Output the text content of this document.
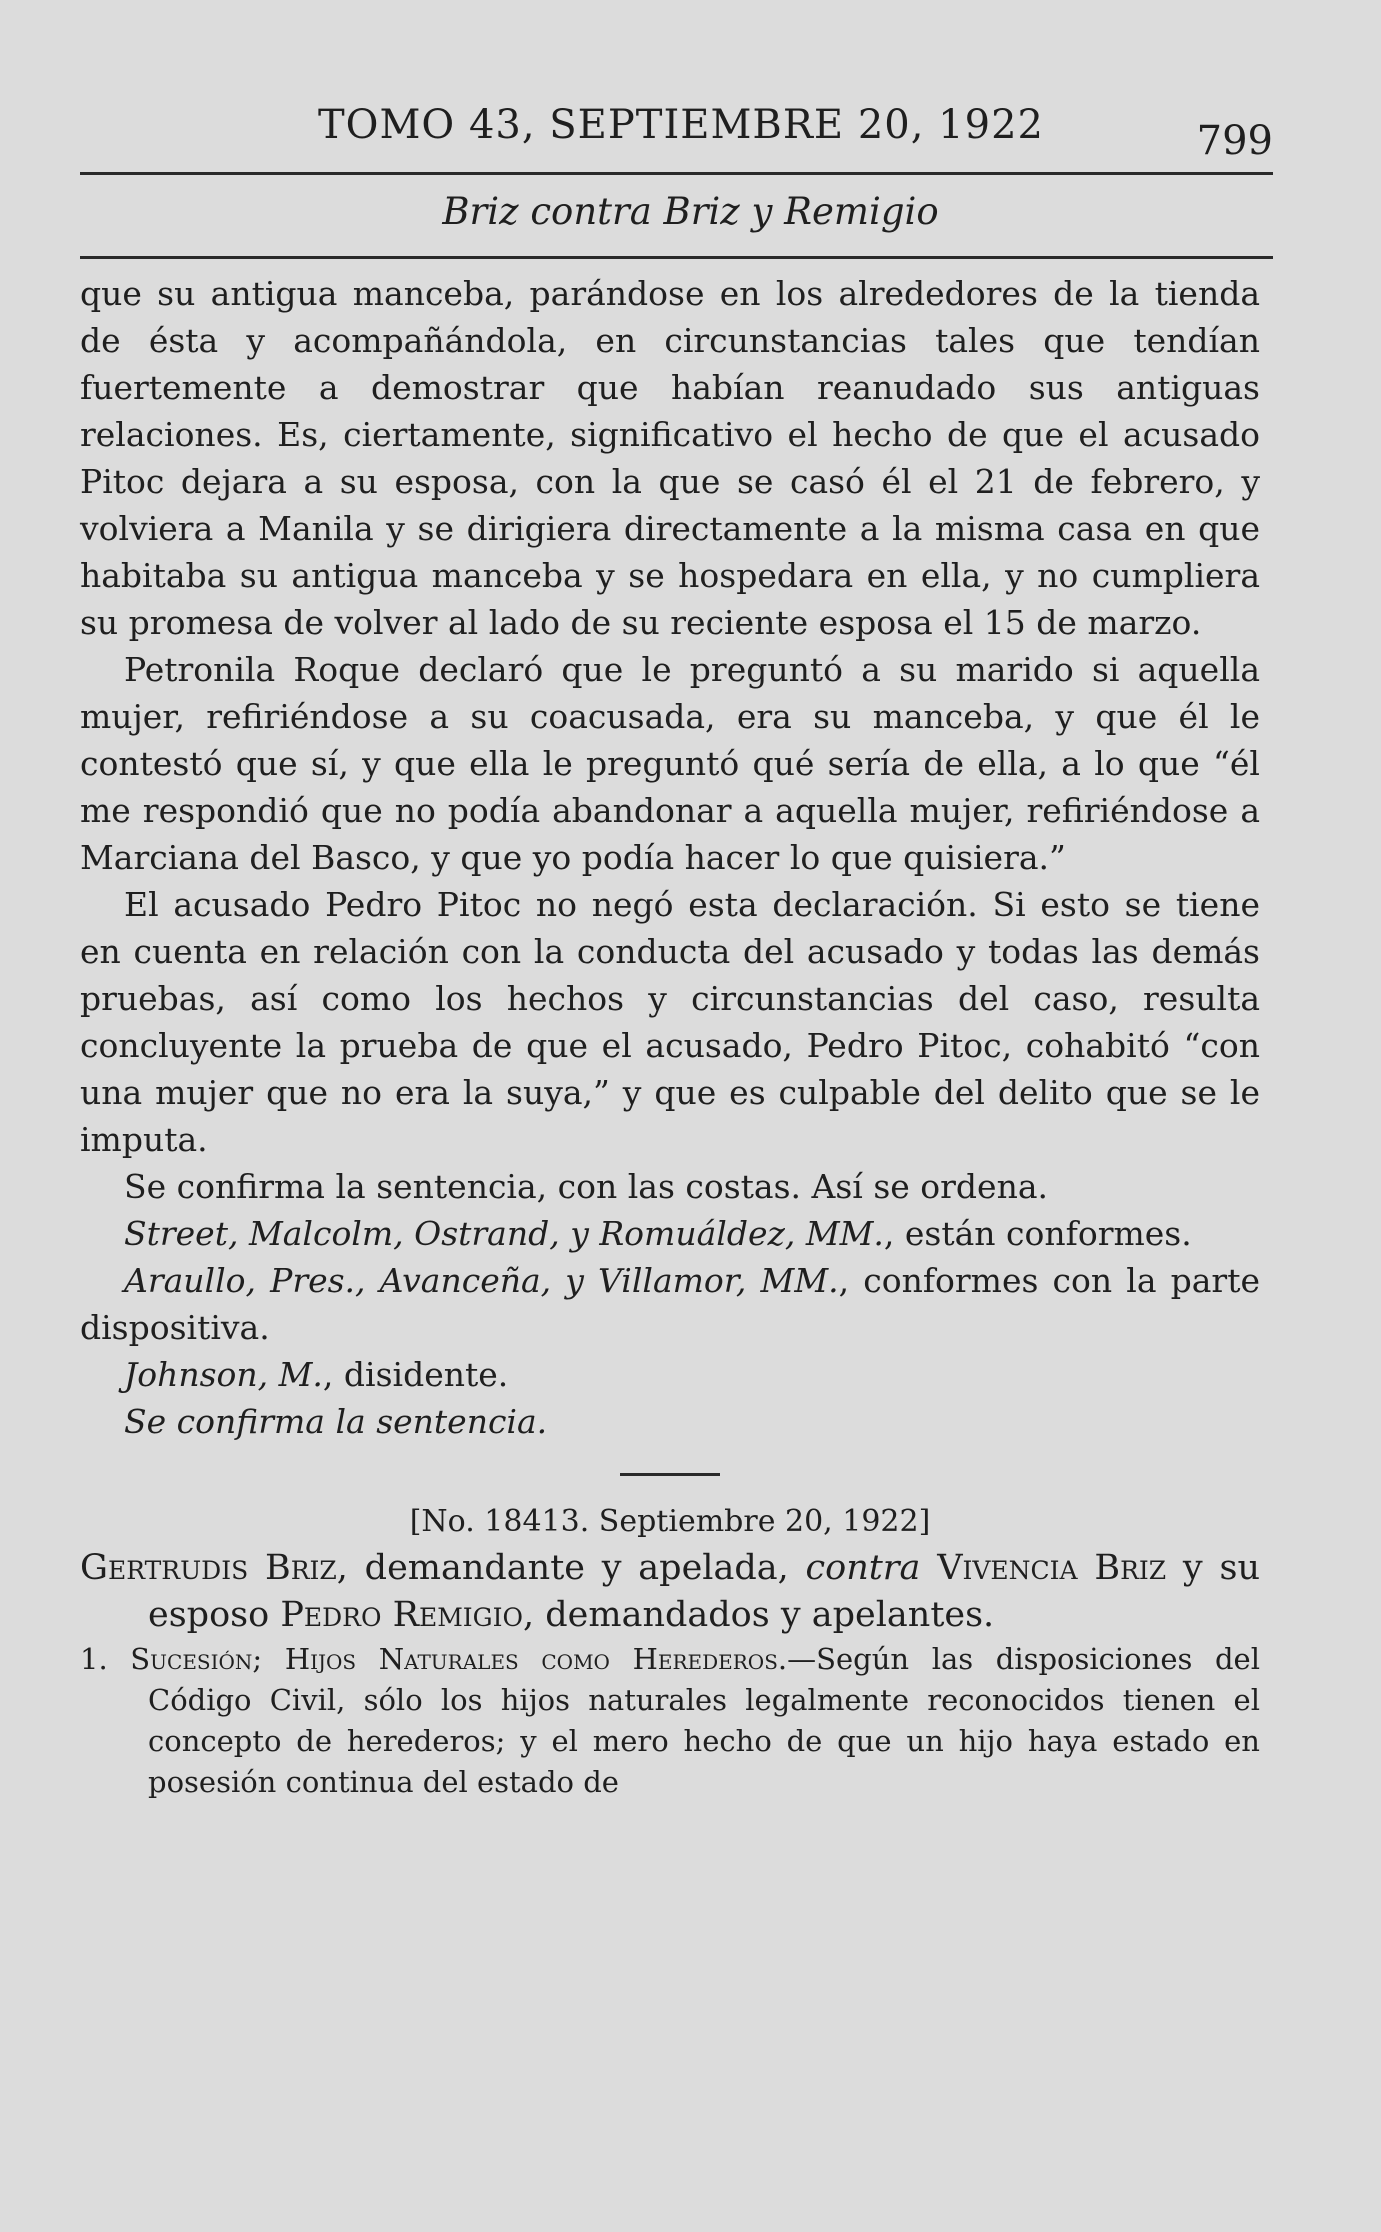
TOMO 43, SEPTIEMBRE 20, 1922	799
Briz contra Briz y Remigio

que su antigua manceba, parándose en los alrededores de la tienda de ésta y acompañándola, en circunstancias tales que tendían fuertemente a demostrar que habían reanudado sus antiguas relaciones. Es, ciertamente, significativo el hecho de que el acusado Pitoc dejara a su esposa, con la que se casó él el 21 de febrero, y volviera a Manila y se dirigiera directamente a la misma casa en que habitaba su antigua manceba y se hospedara en ella, y no cumpliera su promesa de volver al lado de su reciente esposa el 15 de marzo.

Petronila Roque declaró que le preguntó a su marido si aquella mujer, refiriéndose a su coacusada, era su manceba, y que él le contestó que sí, y que ella le preguntó qué sería de ella, a lo que “él me respondió que no podía abandonar a aquella mujer, refiriéndose a Marciana del Basco, y que yo podía hacer lo que quisiera.”

El acusado Pedro Pitoc no negó esta declaración. Si esto se tiene en cuenta en relación con la conducta del acusado y todas las demás pruebas, así como los hechos y circunstancias del caso, resulta concluyente la prueba de que el acusado, Pedro Pitoc, cohabitó “con una mujer que no era la suya,” y que es culpable del delito que se le imputa.

Se confirma la sentencia, con las costas. Así se ordena.

Street, Malcolm, Ostrand, y Romuáldez, MM., están conformes.

Araullo, Pres., Avanceña, y Villamor, MM., conformes con la parte dispositiva.

Johnson, M., disidente.

Se confirma la sentencia.

[No. 18413. Septiembre 20, 1922]

Gertrudis Briz, demandante y apelada, contra Vivencia Briz y su esposo Pedro Remigio, demandados y apelantes.

1. Sucesión; Hijos Naturales como Herederos.—Según las disposiciones del Código Civil, sólo los hijos naturales legalmente reconocidos tienen el concepto de herederos; y el mero hecho de que un hijo haya estado en posesión continua del estado de
